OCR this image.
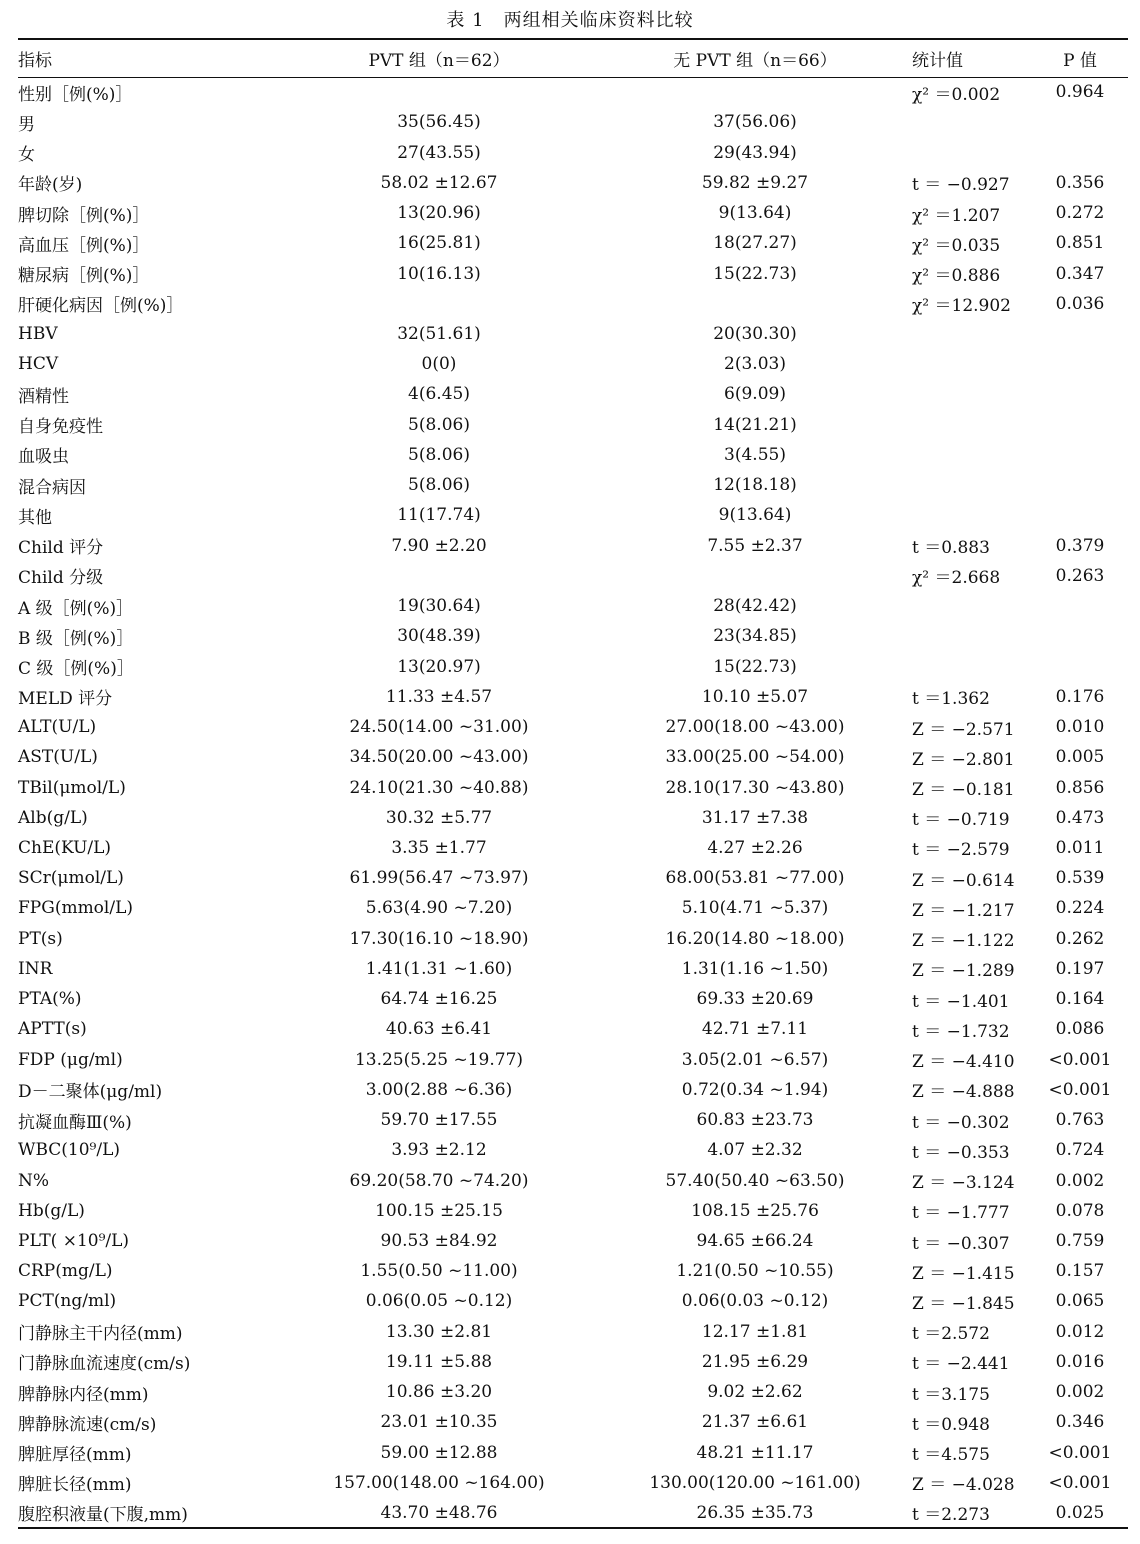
表 1　两组相关临床资料比较
指标	PVT 组（n＝62）	无 PVT 组（n＝66）	统计值	P 值
性别［例(%)］			χ² ＝0.002	0.964
男	35(56.45)	37(56.06)		
女	27(43.55)	29(43.94)		
年龄(岁)	58.02 ±12.67	59.82 ±9.27	t ＝ −0.927	0.356
脾切除［例(%)］	13(20.96)	9(13.64)	χ² ＝1.207	0.272
高血压［例(%)］	16(25.81)	18(27.27)	χ² ＝0.035	0.851
糖尿病［例(%)］	10(16.13)	15(22.73)	χ² ＝0.886	0.347
肝硬化病因［例(%)］			χ² ＝12.902	0.036
HBV	32(51.61)	20(30.30)		
HCV	0(0)	2(3.03)		
酒精性	4(6.45)	6(9.09)		
自身免疫性	5(8.06)	14(21.21)		
血吸虫	5(8.06)	3(4.55)		
混合病因	5(8.06)	12(18.18)		
其他	11(17.74)	9(13.64)		
Child 评分	7.90 ±2.20	7.55 ±2.37	t ＝0.883	0.379
Child 分级			χ² ＝2.668	0.263
A 级［例(%)］	19(30.64)	28(42.42)		
B 级［例(%)］	30(48.39)	23(34.85)		
C 级［例(%)］	13(20.97)	15(22.73)		
MELD 评分	11.33 ±4.57	10.10 ±5.07	t ＝1.362	0.176
ALT(U/L)	24.50(14.00 ~31.00)	27.00(18.00 ~43.00)	Z ＝ −2.571	0.010
AST(U/L)	34.50(20.00 ~43.00)	33.00(25.00 ~54.00)	Z ＝ −2.801	0.005
TBil(μmol/L)	24.10(21.30 ~40.88)	28.10(17.30 ~43.80)	Z ＝ −0.181	0.856
Alb(g/L)	30.32 ±5.77	31.17 ±7.38	t ＝ −0.719	0.473
ChE(KU/L)	3.35 ±1.77	4.27 ±2.26	t ＝ −2.579	0.011
SCr(μmol/L)	61.99(56.47 ~73.97)	68.00(53.81 ~77.00)	Z ＝ −0.614	0.539
FPG(mmol/L)	5.63(4.90 ~7.20)	5.10(4.71 ~5.37)	Z ＝ −1.217	0.224
PT(s)	17.30(16.10 ~18.90)	16.20(14.80 ~18.00)	Z ＝ −1.122	0.262
INR	1.41(1.31 ~1.60)	1.31(1.16 ~1.50)	Z ＝ −1.289	0.197
PTA(%)	64.74 ±16.25	69.33 ±20.69	t ＝ −1.401	0.164
APTT(s)	40.63 ±6.41	42.71 ±7.11	t ＝ −1.732	0.086
FDP (μg/ml)	13.25(5.25 ~19.77)	3.05(2.01 ~6.57)	Z ＝ −4.410	<0.001
D－二聚体(μg/ml)	3.00(2.88 ~6.36)	0.72(0.34 ~1.94)	Z ＝ −4.888	<0.001
抗凝血酶Ⅲ(%)	59.70 ±17.55	60.83 ±23.73	t ＝ −0.302	0.763
WBC(10⁹/L)	3.93 ±2.12	4.07 ±2.32	t ＝ −0.353	0.724
N%	69.20(58.70 ~74.20)	57.40(50.40 ~63.50)	Z ＝ −3.124	0.002
Hb(g/L)	100.15 ±25.15	108.15 ±25.76	t ＝ −1.777	0.078
PLT( ×10⁹/L)	90.53 ±84.92	94.65 ±66.24	t ＝ −0.307	0.759
CRP(mg/L)	1.55(0.50 ~11.00)	1.21(0.50 ~10.55)	Z ＝ −1.415	0.157
PCT(ng/ml)	0.06(0.05 ~0.12)	0.06(0.03 ~0.12)	Z ＝ −1.845	0.065
门静脉主干内径(mm)	13.30 ±2.81	12.17 ±1.81	t ＝2.572	0.012
门静脉血流速度(cm/s)	19.11 ±5.88	21.95 ±6.29	t ＝ −2.441	0.016
脾静脉内径(mm)	10.86 ±3.20	9.02 ±2.62	t ＝3.175	0.002
脾静脉流速(cm/s)	23.01 ±10.35	21.37 ±6.61	t ＝0.948	0.346
脾脏厚径(mm)	59.00 ±12.88	48.21 ±11.17	t ＝4.575	<0.001
脾脏长径(mm)	157.00(148.00 ~164.00)	130.00(120.00 ~161.00)	Z ＝ −4.028	<0.001
腹腔积液量(下腹,mm)	43.70 ±48.76	26.35 ±35.73	t ＝2.273	0.025
